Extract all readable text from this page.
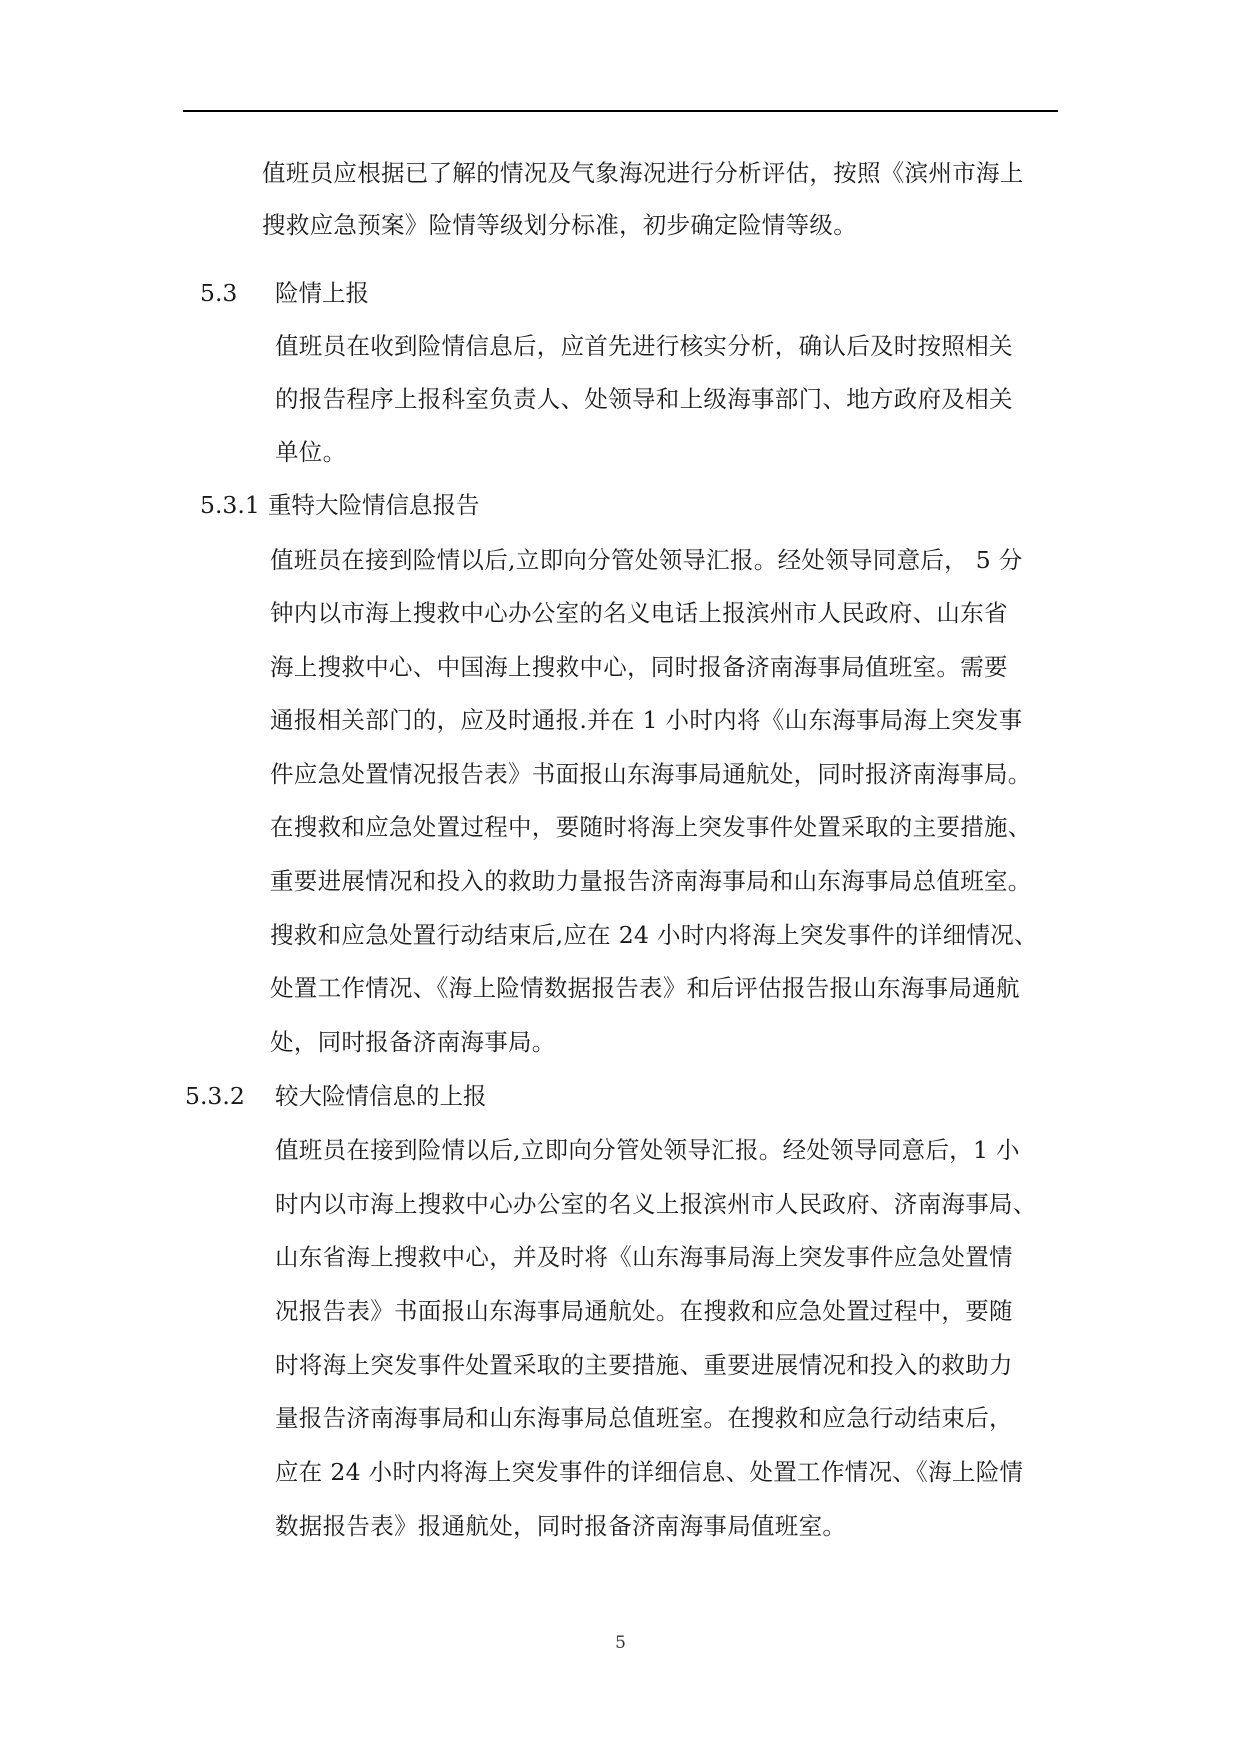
值班员应根据已了解的情况及气象海况进行分析评估，按照《滨州市海上
搜救应急预案》险情等级划分标准，初步确定险情等级。
5.3 险情上报
值班员在收到险情信息后，应首先进行核实分析，确认后及时按照相关
的报告程序上报科室负责人、处领导和上级海事部门、地方政府及相关
单位。
5.3.1 重特大险情信息报告
值班员在接到险情以后,立即向分管处领导汇报。经处领导同意后， 5 分
钟内以市海上搜救中心办公室的名义电话上报滨州市人民政府、山东省
海上搜救中心、中国海上搜救中心，同时报备济南海事局值班室。需要
通报相关部门的，应及时通报.并在 1 小时内将《山东海事局海上突发事
件应急处置情况报告表》书面报山东海事局通航处，同时报济南海事局。
在搜救和应急处置过程中，要随时将海上突发事件处置采取的主要措施、
重要进展情况和投入的救助力量报告济南海事局和山东海事局总值班室。
搜救和应急处置行动结束后,应在 24 小时内将海上突发事件的详细情况、
处置工作情况、《海上险情数据报告表》和后评估报告报山东海事局通航
处，同时报备济南海事局。
5.3.2 较大险情信息的上报
值班员在接到险情以后,立即向分管处领导汇报。经处领导同意后，1 小
时内以市海上搜救中心办公室的名义上报滨州市人民政府、济南海事局、
山东省海上搜救中心，并及时将《山东海事局海上突发事件应急处置情
况报告表》书面报山东海事局通航处。在搜救和应急处置过程中，要随
时将海上突发事件处置采取的主要措施、重要进展情况和投入的救助力
量报告济南海事局和山东海事局总值班室。在搜救和应急行动结束后，
应在 24 小时内将海上突发事件的详细信息、处置工作情况、《海上险情
数据报告表》报通航处，同时报备济南海事局值班室。
5
